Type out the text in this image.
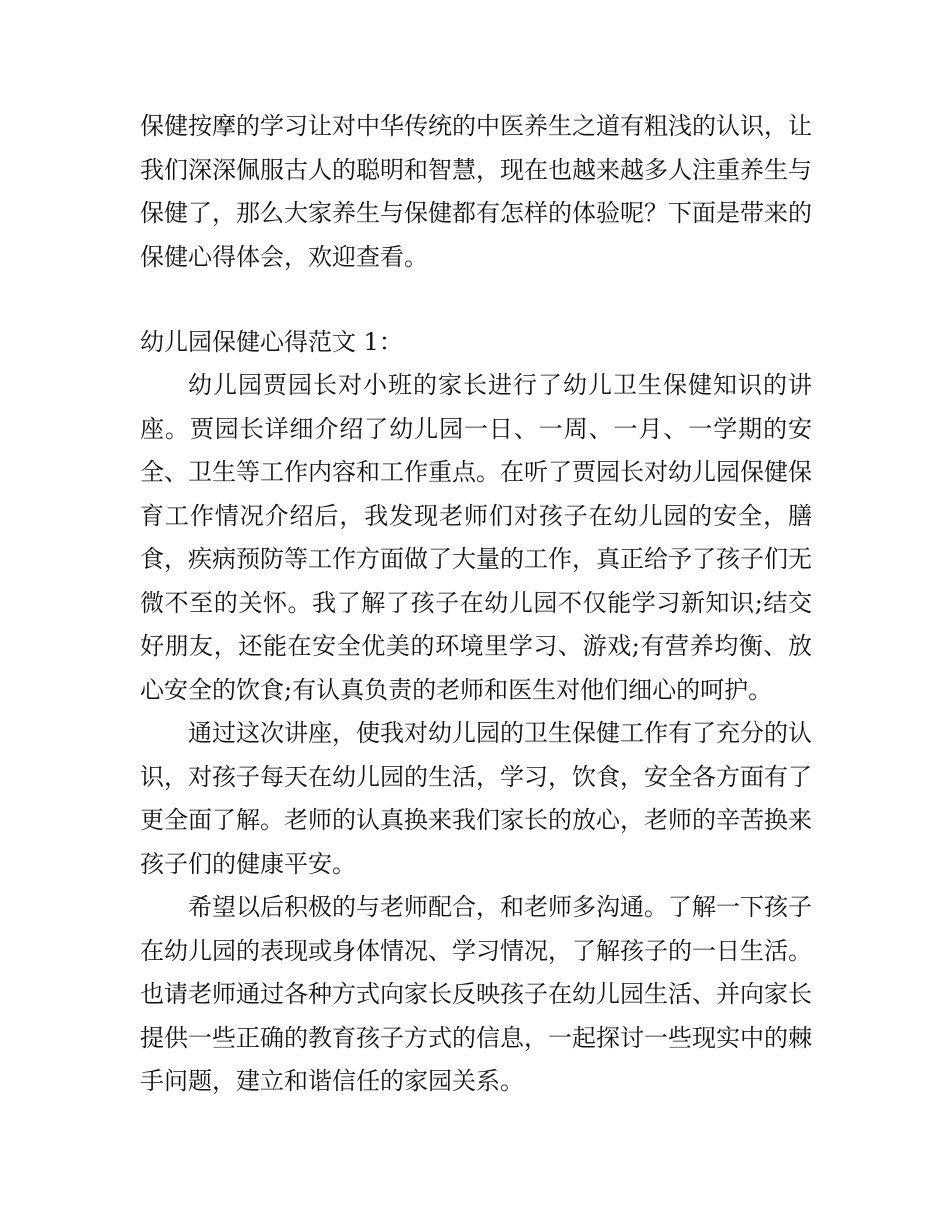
保健按摩的学习让对中华传统的中医养生之道有粗浅的认识，让我们深深佩服古人的聪明和智慧，现在也越来越多人注重养生与保健了，那么大家养生与保健都有怎样的体验呢？下面是带来的保健心得体会，欢迎查看。

幼儿园保健心得范文 1：

幼儿园贾园长对小班的家长进行了幼儿卫生保健知识的讲座。贾园长详细介绍了幼儿园一日、一周、一月、一学期的安全、卫生等工作内容和工作重点。在听了贾园长对幼儿园保健保育工作情况介绍后，我发现老师们对孩子在幼儿园的安全，膳食，疾病预防等工作方面做了大量的工作，真正给予了孩子们无微不至的关怀。我了解了孩子在幼儿园不仅能学习新知识;结交好朋友，还能在安全优美的环境里学习、游戏;有营养均衡、放心安全的饮食;有认真负责的老师和医生对他们细心的呵护。

通过这次讲座，使我对幼儿园的卫生保健工作有了充分的认识，对孩子每天在幼儿园的生活，学习，饮食，安全各方面有了更全面了解。老师的认真换来我们家长的放心，老师的辛苦换来孩子们的健康平安。

希望以后积极的与老师配合，和老师多沟通。了解一下孩子在幼儿园的表现或身体情况、学习情况，了解孩子的一日生活。也请老师通过各种方式向家长反映孩子在幼儿园生活、并向家长提供一些正确的教育孩子方式的信息，一起探讨一些现实中的棘手问题，建立和谐信任的家园关系。
